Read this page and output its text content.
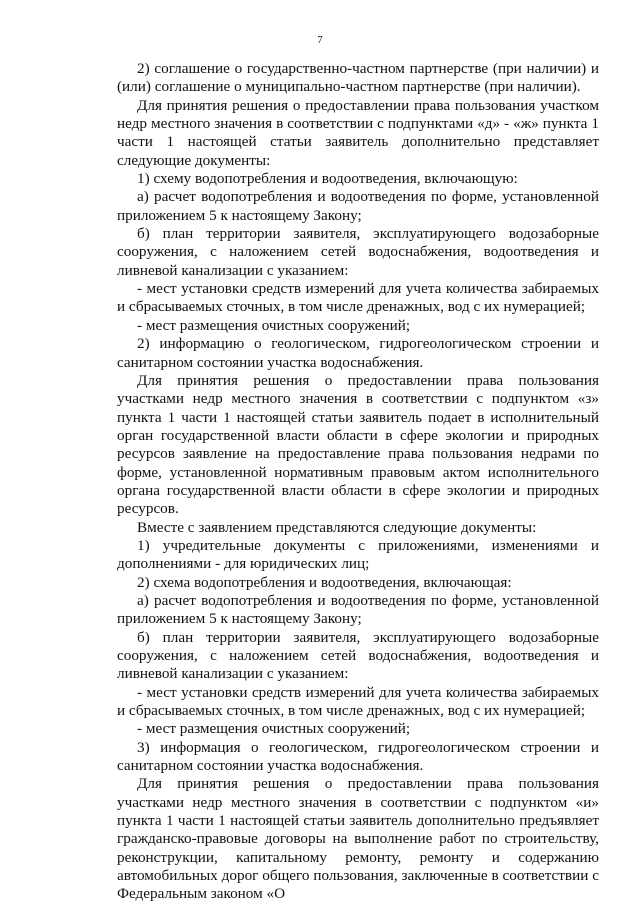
7

2) соглашение о государственно-частном партнерстве (при наличии) и (или) соглашение о муниципально-частном партнерстве (при наличии).

Для принятия решения о предоставлении права пользования участком недр местного значения в соответствии с подпунктами «д» - «ж» пункта 1 части 1 настоящей статьи заявитель дополнительно представляет следующие документы:

1) схему водопотребления и водоотведения, включающую:

а) расчет водопотребления и водоотведения по форме, установленной приложением 5 к настоящему Закону;

б) план территории заявителя, эксплуатирующего водозаборные сооружения, с наложением сетей водоснабжения, водоотведения и ливневой канализации с указанием:

- мест установки средств измерений для учета количества забираемых и сбрасываемых сточных, в том числе дренажных, вод с их нумерацией;

- мест размещения очистных сооружений;

2) информацию о геологическом, гидрогеологическом строении и санитарном состоянии участка водоснабжения.

Для принятия решения о предоставлении права пользования участками недр местного значения в соответствии с подпунктом «з» пункта 1 части 1 настоящей статьи заявитель подает в исполнительный орган государственной власти области в сфере экологии и природных ресурсов заявление на предоставление права пользования недрами по форме, установленной нормативным правовым актом исполнительного органа государственной власти области в сфере экологии и природных ресурсов.

Вместе с заявлением представляются следующие документы:

1) учредительные документы с приложениями, изменениями и дополнениями - для юридических лиц;

2) схема водопотребления и водоотведения, включающая:

а) расчет водопотребления и водоотведения по форме, установленной приложением 5 к настоящему Закону;

б) план территории заявителя, эксплуатирующего водозаборные сооружения, с наложением сетей водоснабжения, водоотведения и ливневой канализации с указанием:

- мест установки средств измерений для учета количества забираемых и сбрасываемых сточных, в том числе дренажных, вод с их нумерацией;

- мест размещения очистных сооружений;

3) информация о геологическом, гидрогеологическом строении и санитарном состоянии участка водоснабжения.

Для принятия решения о предоставлении права пользования участками недр местного значения в соответствии с подпунктом «и» пункта 1 части 1 настоящей статьи заявитель дополнительно предъявляет гражданско-правовые договоры на выполнение работ по строительству, реконструкции, капитальному ремонту, ремонту и содержанию автомобильных дорог общего пользования, заключенные в соответствии с Федеральным законом «О
